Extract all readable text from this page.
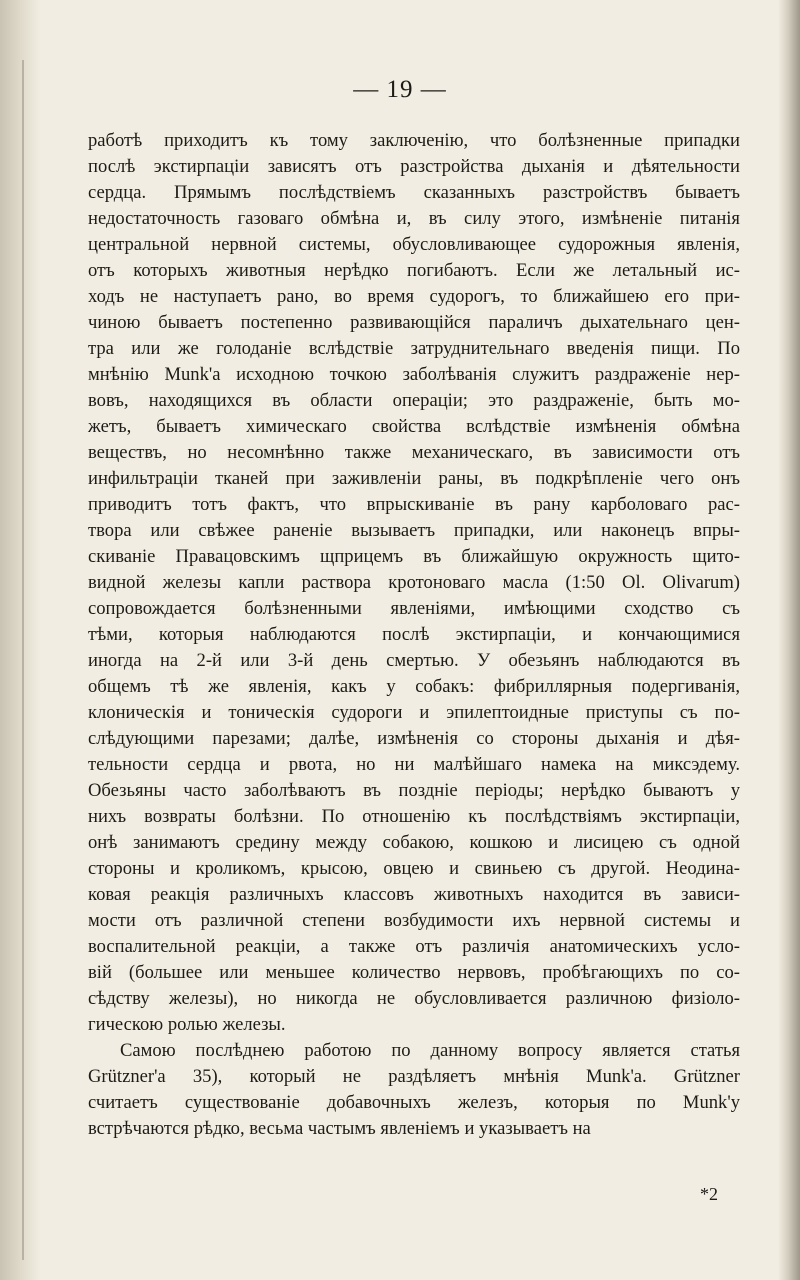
— 19 —
работѣ приходитъ къ тому заключенію, что болѣзненные припадки
послѣ экстирпаціи зависятъ отъ разстройства дыханія и дѣятельности
сердца. Прямымъ послѣдствіемъ сказанныхъ разстройствъ бываетъ
недостаточность газоваго обмѣна и, въ силу этого, измѣненіе питанія
центральной нервной системы, обусловливающее судорожныя явленія,
отъ которыхъ животныя нерѣдко погибаютъ. Если же летальный ис-
ходъ не наступаетъ рано, во время судорогъ, то ближайшею его при-
чиною бываетъ постепенно развивающійся параличъ дыхательнаго цен-
тра или же голоданіе вслѣдствіе затруднительнаго введенія пищи. По
мнѣнію Munk'a исходною точкою заболѣванія служитъ раздраженіе нер-
вовъ, находящихся въ области операціи; это раздраженіе, быть мо-
жетъ, бываетъ химическаго свойства вслѣдствіе измѣненія обмѣна
веществъ, но несомнѣнно также механическаго, въ зависимости отъ
инфильтраціи тканей при заживленіи раны, въ подкрѣпленіе чего онъ
приводитъ тотъ фактъ, что впрыскиваніе въ рану карболоваго рас-
твора или свѣжее раненіе вызываетъ припадки, или наконецъ впры-
скиваніе Правацовскимъ щприцемъ въ ближайшую окружность щито-
видной железы капли раствора кротоноваго масла (1:50 Ol. Olivarum)
сопровождается болѣзненными явленіями, имѣющими сходство съ
тѣми, которыя наблюдаются послѣ экстирпаціи, и кончающимися
иногда на 2-й или 3-й день смертью. У обезьянъ наблюдаются въ
общемъ тѣ же явленія, какъ у собакъ: фибриллярныя подергиванія,
клоническія и тоническія судороги и эпилептоидные приступы съ по-
слѣдующими парезами; далѣе, измѣненія со стороны дыханія и дѣя-
тельности сердца и рвота, но ни малѣйшаго намека на миксэдему.
Обезьяны часто заболѣваютъ въ поздніе періоды; нерѣдко бываютъ у
нихъ возвраты болѣзни. По отношенію къ послѣдствіямъ экстирпаціи,
онѣ занимаютъ средину между собакою, кошкою и лисицею съ одной
стороны и кроликомъ, крысою, овцею и свиньею съ другой. Неодина-
ковая реакція различныхъ классовъ животныхъ находится въ зависи-
мости отъ различной степени возбудимости ихъ нервной системы и
воспалительной реакціи, а также отъ различія анатомическихъ усло-
вій (большее или меньшее количество нервовъ, пробѣгающихъ по со-
сѣдству железы), но никогда не обусловливается различною физіоло-
гическою ролью железы.
Самою послѣднею работою по данному вопросу является статья
Grützner'a 35), который не раздѣляетъ мнѣнія Munk'a. Grützner
считаетъ существованіе добавочныхъ железъ, которыя по Munk'y
встрѣчаются рѣдко, весьма частымъ явленіемъ и указываетъ на
*2
